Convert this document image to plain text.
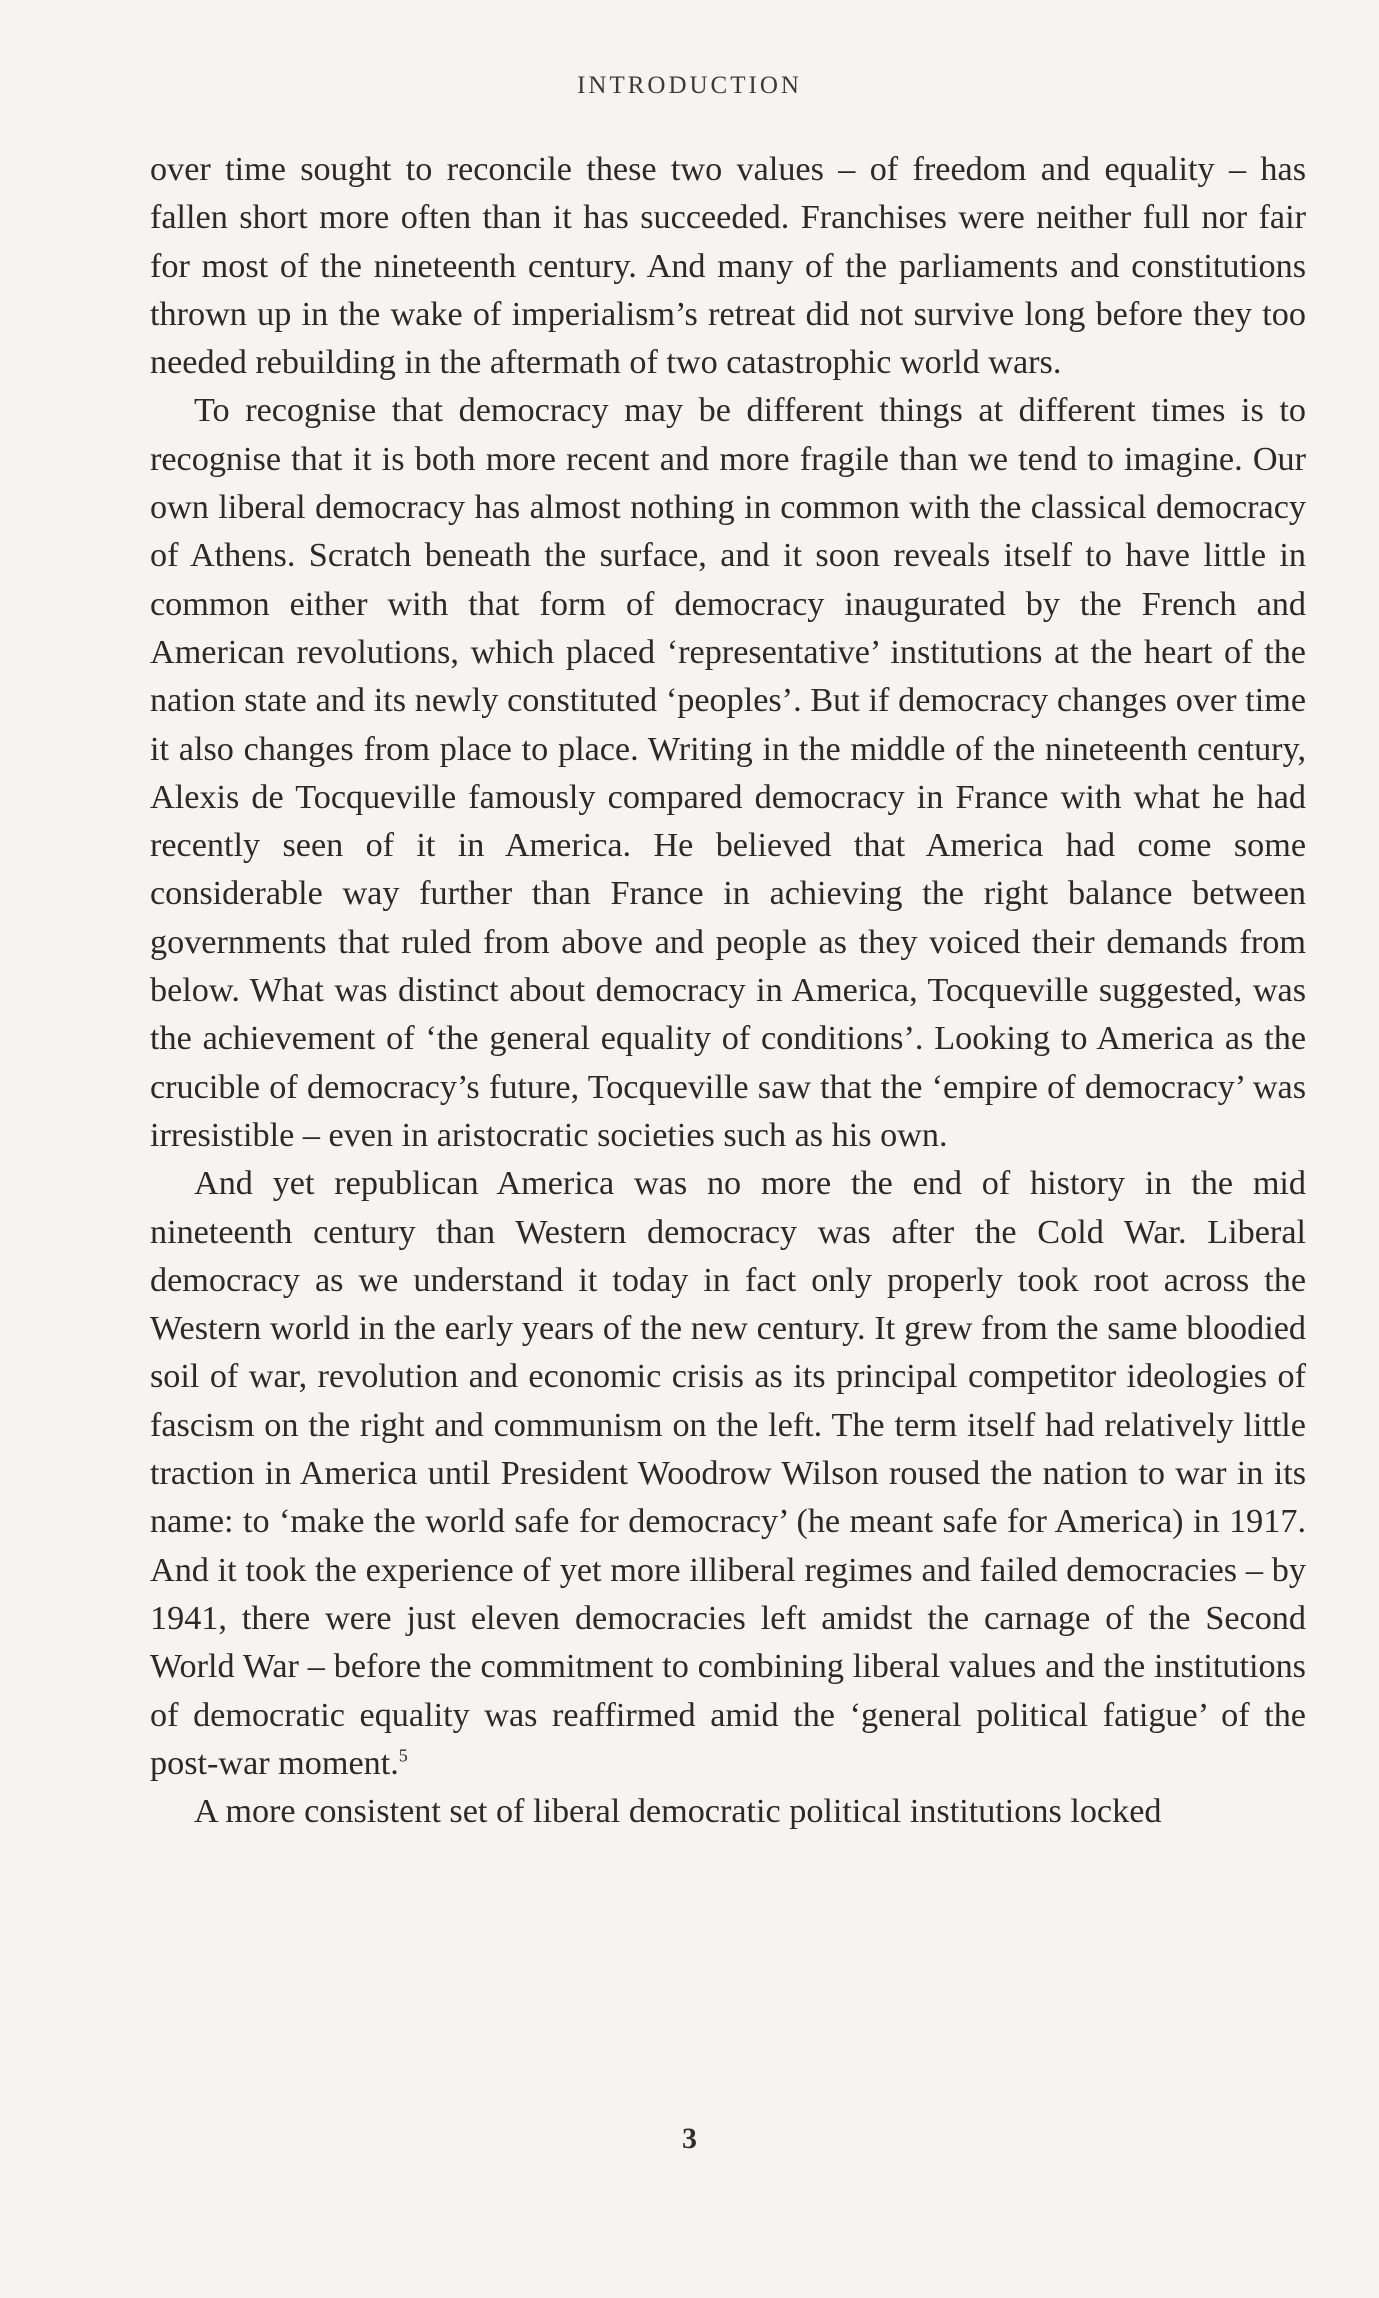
INTRODUCTION

over time sought to reconcile these two values – of freedom and equality – has fallen short more often than it has succeeded. Franchises were neither full nor fair for most of the nineteenth century. And many of the parliaments and constitutions thrown up in the wake of imperialism’s retreat did not survive long before they too needed rebuilding in the aftermath of two catastrophic world wars.

To recognise that democracy may be different things at different times is to recognise that it is both more recent and more fragile than we tend to imagine. Our own liberal democracy has almost nothing in common with the classical democracy of Athens. Scratch beneath the surface, and it soon reveals itself to have little in common either with that form of democracy inaugurated by the French and American revolutions, which placed ‘representative’ institutions at the heart of the nation state and its newly constituted ‘peoples’. But if democracy changes over time it also changes from place to place. Writing in the middle of the nineteenth century, Alexis de Tocqueville famously compared democracy in France with what he had recently seen of it in America. He believed that America had come some considerable way further than France in achieving the right balance between governments that ruled from above and people as they voiced their demands from below. What was distinct about democracy in America, Tocqueville suggested, was the achievement of ‘the general equality of conditions’. Looking to America as the crucible of democracy’s future, Tocqueville saw that the ‘empire of democracy’ was irresistible – even in aristocratic societies such as his own.

And yet republican America was no more the end of history in the mid nineteenth century than Western democracy was after the Cold War. Liberal democracy as we understand it today in fact only properly took root across the Western world in the early years of the new century. It grew from the same bloodied soil of war, revolution and economic crisis as its principal competitor ideologies of fascism on the right and communism on the left. The term itself had relatively little traction in America until President Woodrow Wilson roused the nation to war in its name: to ‘make the world safe for democracy’ (he meant safe for America) in 1917. And it took the experience of yet more illiberal regimes and failed democracies – by 1941, there were just eleven democracies left amidst the carnage of the Second World War – before the commitment to combining liberal values and the institutions of democratic equality was reaffirmed amid the ‘general political fatigue’ of the post-war moment.$^5$

A more consistent set of liberal democratic political institutions locked

3
